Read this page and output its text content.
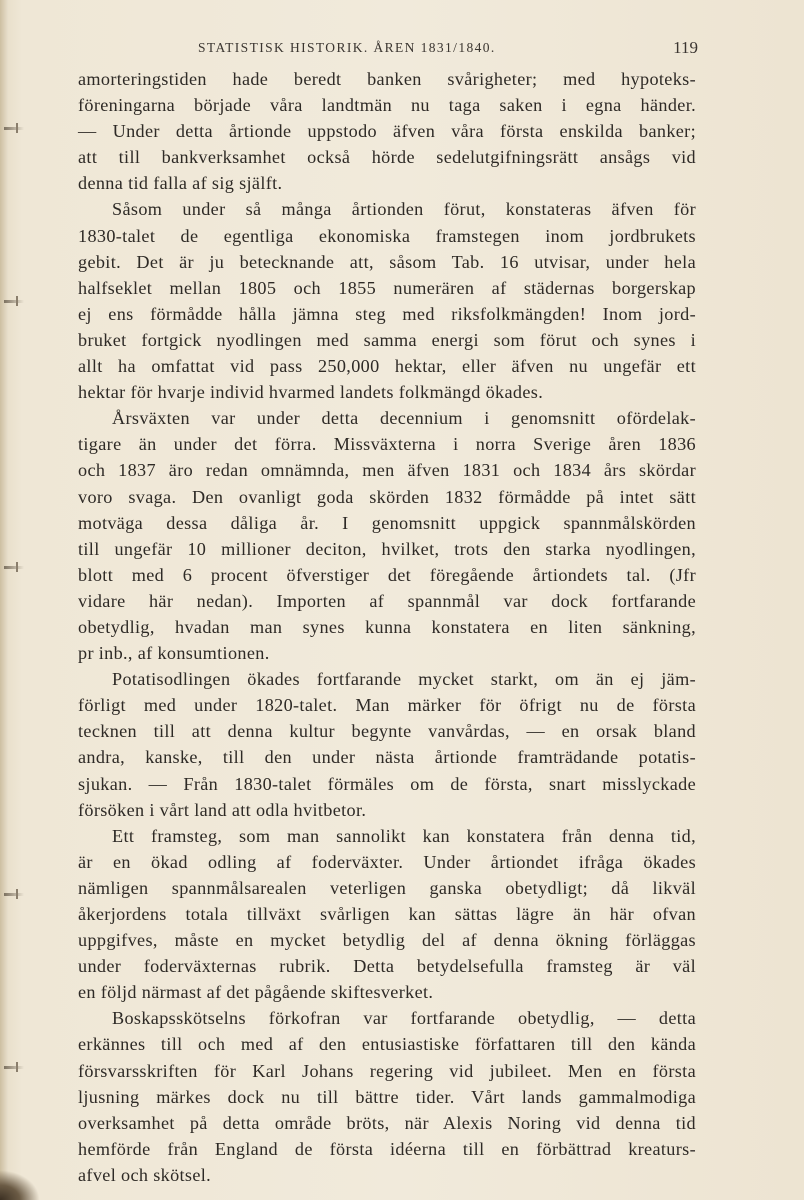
STATISTISK HISTORIK. ÅREN 1831/1840.	119
amorteringstiden hade beredt banken svårigheter; med hypoteks-
föreningarna började våra landtmän nu taga saken i egna händer.
— Under detta årtionde uppstodo äfven våra första enskilda banker;
att till bankverksamhet också hörde sedelutgifningsrätt ansågs vid
denna tid falla af sig själft.
Såsom under så många årtionden förut, konstateras äfven för
1830-talet de egentliga ekonomiska framstegen inom jordbrukets
gebit. Det är ju betecknande att, såsom Tab. 16 utvisar, under hela
halfseklet mellan 1805 och 1855 numerären af städernas borgerskap
ej ens förmådde hålla jämna steg med riksfolkmängden! Inom jord-
bruket fortgick nyodlingen med samma energi som förut och synes i
allt ha omfattat vid pass 250,000 hektar, eller äfven nu ungefär ett
hektar för hvarje individ hvarmed landets folkmängd ökades.
Årsväxten var under detta decennium i genomsnitt ofördelak-
tigare än under det förra. Missväxterna i norra Sverige åren 1836
och 1837 äro redan omnämnda, men äfven 1831 och 1834 års skördar
voro svaga. Den ovanligt goda skörden 1832 förmådde på intet sätt
motväga dessa dåliga år. I genomsnitt uppgick spannmålskörden
till ungefär 10 millioner deciton, hvilket, trots den starka nyodlingen,
blott med 6 procent öfverstiger det föregående årtiondets tal. (Jfr
vidare här nedan). Importen af spannmål var dock fortfarande
obetydlig, hvadan man synes kunna konstatera en liten sänkning,
pr inb., af konsumtionen.
Potatisodlingen ökades fortfarande mycket starkt, om än ej jäm-
förligt med under 1820-talet. Man märker för öfrigt nu de första
tecknen till att denna kultur begynte vanvårdas, — en orsak bland
andra, kanske, till den under nästa årtionde framträdande potatis-
sjukan. — Från 1830-talet förmäles om de första, snart misslyckade
försöken i vårt land att odla hvitbetor.
Ett framsteg, som man sannolikt kan konstatera från denna tid,
är en ökad odling af foderväxter. Under årtiondet ifråga ökades
nämligen spannmålsarealen veterligen ganska obetydligt; då likväl
åkerjordens totala tillväxt svårligen kan sättas lägre än här ofvan
uppgifves, måste en mycket betydlig del af denna ökning förläggas
under foderväxternas rubrik. Detta betydelsefulla framsteg är väl
en följd närmast af det pågående skiftesverket.
Boskapsskötselns förkofran var fortfarande obetydlig, — detta
erkännes till och med af den entusiastiske författaren till den kända
försvarsskriften för Karl Johans regering vid jubileet. Men en första
ljusning märkes dock nu till bättre tider. Vårt lands gammalmodiga
overksamhet på detta område bröts, när Alexis Noring vid denna tid
hemförde från England de första idéerna till en förbättrad kreaturs-
afvel och skötsel.
